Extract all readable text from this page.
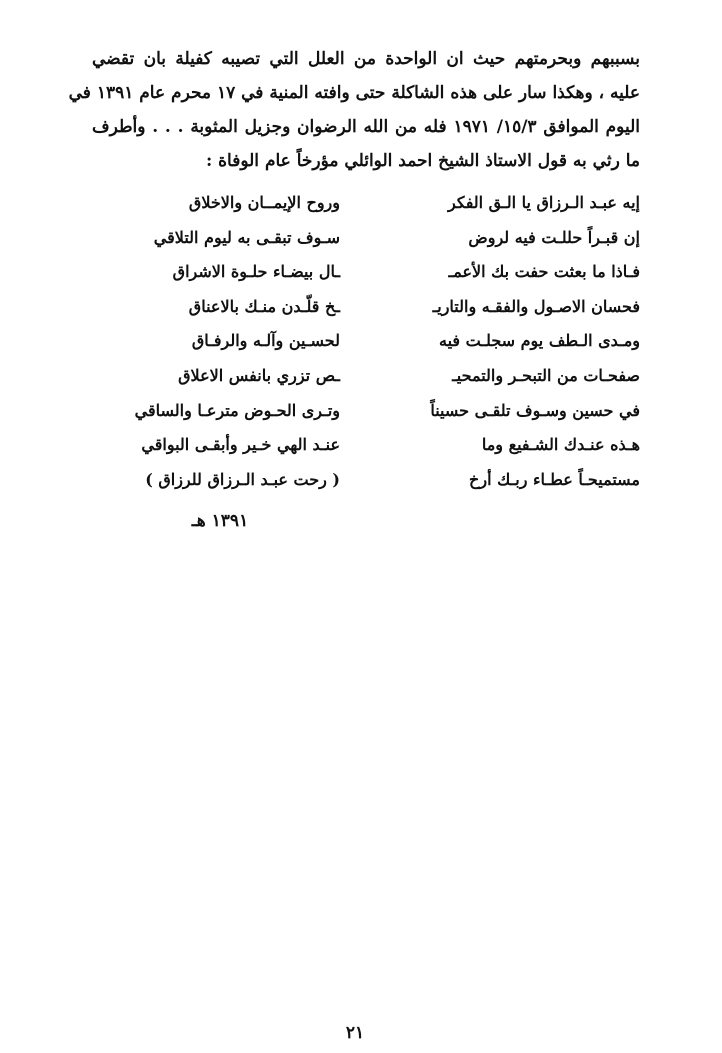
بسببهم وبحرمتهم حيث ان الواحدة من العلل التي تصيبه كفيلة بان تقضي
عليه ، وهكذا سار على هذه الشاكلة حتى وافته المنية في ١٧ محرم عام ١٣٩١ في
اليوم الموافق ١٥/٣/ ١٩٧١ فله من الله الرضوان وجزيل المثوبة . . . وأطرف
ما رثي به قول الاستاذ الشيخ احمد الوائلي مؤرخاً عام الوفاة :
إيه عبـد الـرزاق يا الـق الفكر
إن قبـراً حللـت فيه لروض
فـاذا ما بعثت حفت بك الأعمـ
فحسان الاصـول والفقـه والتاريـ
ومـدى الـطف يوم سجلـت فيه
صفحـات من التبحـر والتمحيـ
في حسين وسـوف تلقـى حسيناً
هـذه عنـدك الشـفيع وما
مستميحـاً عطـاء ربـك أرخ
وروح الإيمــان والاخلاق
سـوف تبقـى به ليوم التلاقي
ـال بيضـاء حلـوة الاشراق
ـخ قلّـدن منـك بالاعناق
لحسـين وآلـه والرفـاق
ـص تزري بانفس الاعلاق
وتـرى الحـوض مترعـا والساقي
عنـد الهي خـير وأبقـى البواقي
( رحت عبـد الـرزاق للرزاق )
١٣٩١ هـ
٢١
